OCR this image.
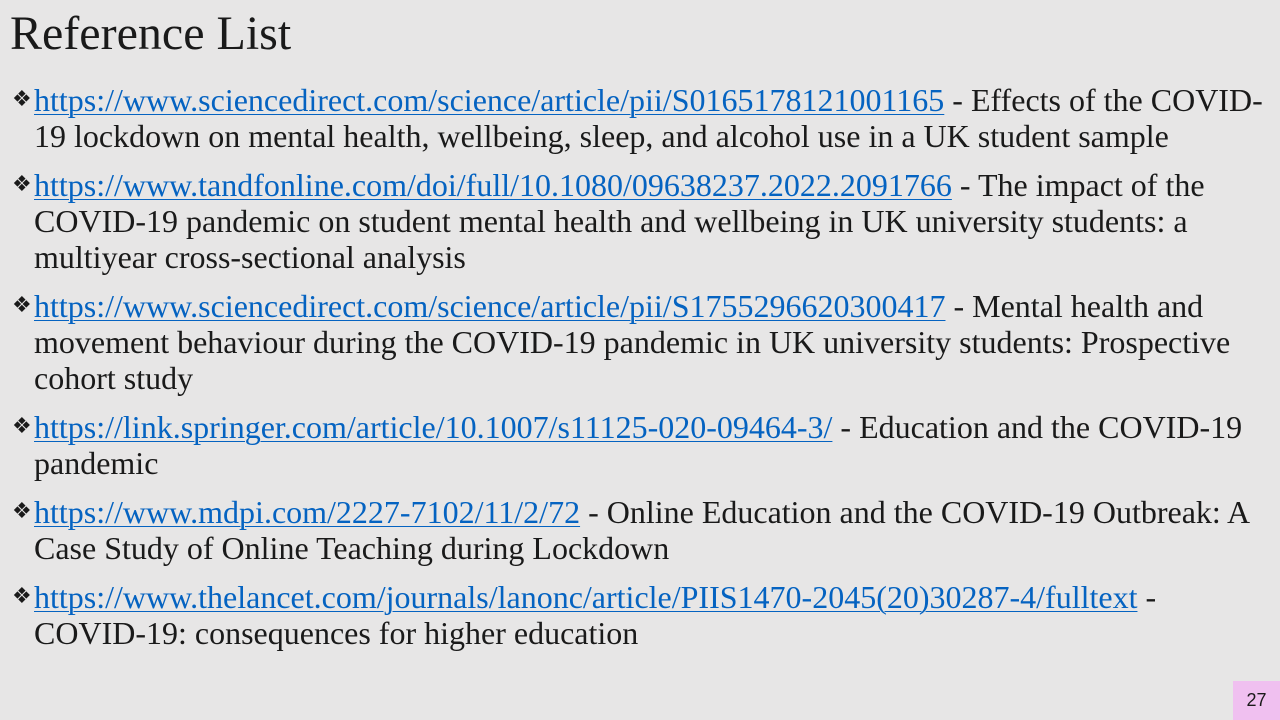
Reference List
❖ https://www.sciencedirect.com/science/article/pii/S0165178121001165 - Effects of the COVID-19 lockdown on mental health, wellbeing, sleep, and alcohol use in a UK student sample
❖ https://www.tandfonline.com/doi/full/10.1080/09638237.2022.2091766 - The impact of the COVID-19 pandemic on student mental health and wellbeing in UK university students: a multiyear cross-sectional analysis
❖ https://www.sciencedirect.com/science/article/pii/S1755296620300417 - Mental health and movement behaviour during the COVID-19 pandemic in UK university students: Prospective cohort study
❖ https://link.springer.com/article/10.1007/s11125-020-09464-3/ - Education and the COVID-19 pandemic
❖ https://www.mdpi.com/2227-7102/11/2/72 - Online Education and the COVID-19 Outbreak: A Case Study of Online Teaching during Lockdown
❖ https://www.thelancet.com/journals/lanonc/article/PIIS1470-2045(20)30287-4/fulltext - COVID-19: consequences for higher education
27
